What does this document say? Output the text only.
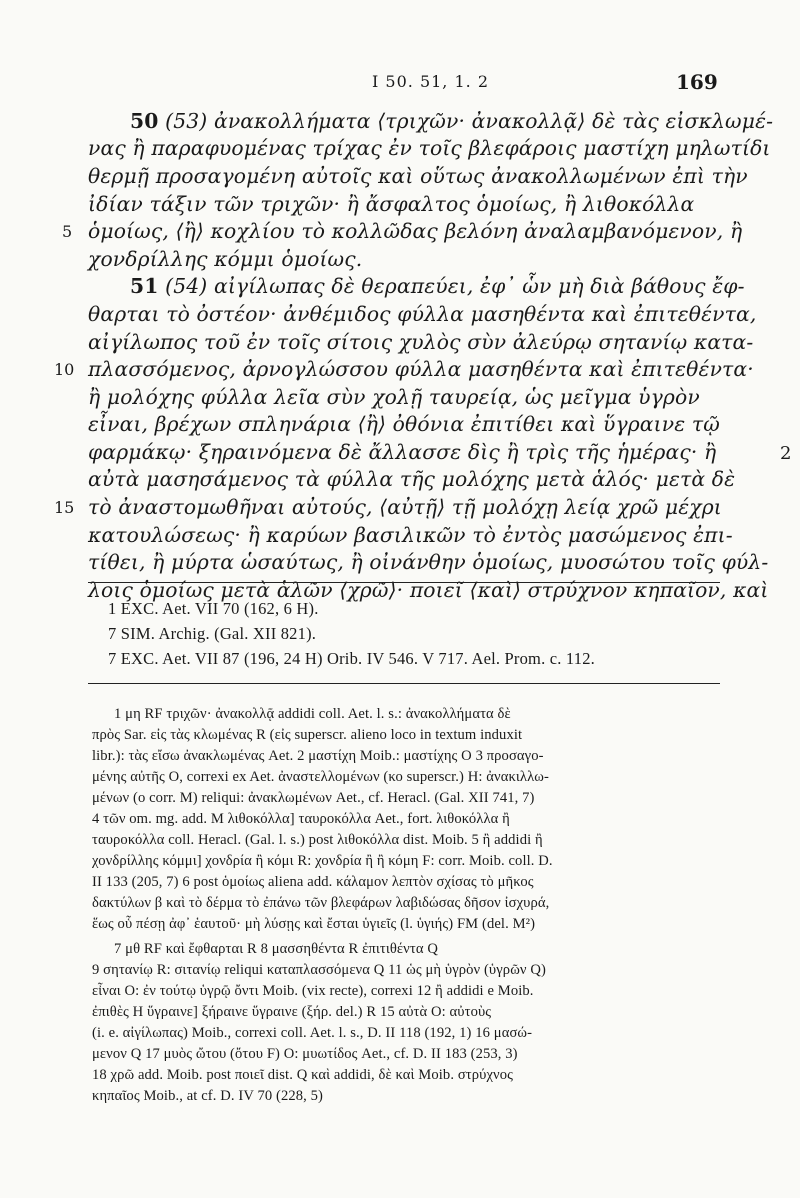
I 50. 51, 1. 2	169
50 (53) ἀνακολλήματα ⟨τριχῶν· ἀνακολλᾷ⟩ δὲ τὰς εἰσκλωμέ-
νας ἢ παραφυομένας τρίχας ἐν τοῖς βλεφάροις μαστίχη μηλωτίδι
θερμῇ προσαγομένη αὐτοῖς καὶ οὕτως ἀνακολλωμένων ἐπὶ τὴν
ἰδίαν τάξιν τῶν τριχῶν· ἢ ἄσφαλτος ὁμοίως, ἢ λιθοκόλλα
5 ὁμοίως, ⟨ἢ⟩ κοχλίου τὸ κολλῶδας βελόνη ἀναλαμβανόμενον, ἢ
χονδρίλλης κόμμι ὁμοίως.
51 (54) αἰγίλωπας δὲ θεραπεύει, ἐφ᾽ ὧν μὴ διὰ βάθους ἔφ-
θαρται τὸ ὀστέον· ἀνθέμιδος φύλλα μασηθέντα καὶ ἐπιτεθέντα,
αἰγίλωπος τοῦ ἐν τοῖς σίτοις χυλὸς σὺν ἀλεύρῳ σητανίῳ κατα-
10 πλασσόμενος, ἀρνογλώσσου φύλλα μασηθέντα καὶ ἐπιτεθέντα·
ἢ μολόχης φύλλα λεῖα σὺν χολῇ ταυρείᾳ, ὡς μεῖγμα ὑγρὸν
εἶναι, βρέχων σπληνάρια ⟨ἢ⟩ ὀθόνια ἐπιτίθει καὶ ὕγραινε τῷ
φαρμάκῳ· ξηραινόμενα δὲ ἄλλασσε δὶς ἢ τρὶς τῆς ἡμέρας· ἢ	2
αὐτὰ μασησάμενος τὰ φύλλα τῆς μολόχης μετὰ ἁλός· μετὰ δὲ
15 τὸ ἀναστομωθῆναι αὐτούς, ⟨αὐτῇ⟩ τῇ μολόχῃ λείᾳ χρῶ μέχρι
κατουλώσεως· ἢ καρύων βασιλικῶν τὸ ἐντὸς μασώμενος ἐπι-
τίθει, ἢ μύρτα ὡσαύτως, ἢ οἰνάνθην ὁμοίως, μυοσώτου τοῖς φύλ-
λοις ὁμοίως μετὰ ἁλῶν ⟨χρῶ⟩· ποιεῖ ⟨καὶ⟩ στρύχνον κηπαῖον, καὶ
1 EXC. Aet. VII 70 (162, 6 H).
7 SIM. Archig. (Gal. XII 821).
7 EXC. Aet. VII 87 (196, 24 H) Orib. IV 546. V 717. Ael. Prom. c. 112.
1 μη RF τριχῶν· ἀνακολλᾷ addidi coll. Aet. l. s.: ἀνακολλήματα δὲ
πρὸς Sar. εἰς τὰς κλωμένας R (εἰς superscr. alieno loco in textum induxit
libr.): τὰς εἴσω ἀνακλωμένας Aet. 2 μαστίχη Moib.: μαστίχης O 3 προσαγο-
μένης αὐτῆς O, correxi ex Aet. ἀναστελλομένων (κο superscr.) H: ἀνακιλλω-
μένων (ο corr. M) reliqui: ἀνακλωμένων Aet., cf. Heracl. (Gal. XII 741, 7)
4 τῶν om. mg. add. M λιθοκόλλα] ταυροκόλλα Aet., fort. λιθοκόλλα ἢ
ταυροκόλλα coll. Heracl. (Gal. l. s.) post λιθοκόλλα dist. Moib. 5 ἢ addidi ἢ
χονδρίλλης κόμμι] χονδρία ἢ κόμι R: χονδρία ἢ ἢ κόμη F: corr. Moib. coll. D.
II 133 (205, 7) 6 post ὁμοίως aliena add. κάλαμον λεπτὸν σχίσας τὸ μῆκος
δακτύλων β καὶ τὸ δέρμα τὸ ἐπάνω τῶν βλεφάρων λαβιδώσας δῆσον ἰσχυρά,
ἕως οὗ πέσῃ ἀφ᾽ ἑαυτοῦ· μὴ λύσῃς καὶ ἔσται ὑγιεῖς (l. ὑγιής) FM (del. M²)
7 μθ RF καὶ ἔφθαρται R 8 μασσηθέντα R ἐπιτιθέντα Q
9 σητανίῳ R: σιτανίῳ reliqui καταπλασσόμενα Q 11 ὡς μὴ ὑγρὸν (ὑγρῶν Q)
εἶναι O: ἐν τούτῳ ὑγρῷ ὄντι Moib. (vix recte), correxi 12 ἢ addidi e Moib.
ἐπιθὲς H ὕγραινε] ξήραινε ὕγραινε (ξήρ. del.) R 15 αὐτὰ O: αὐτοὺς
(i. e. αἰγίλωπας) Moib., correxi coll. Aet. l. s., D. II 118 (192, 1) 16 μασώ-
μενον Q 17 μυὸς ὤτου (ὄτου F) O: μυωτίδος Aet., cf. D. II 183 (253, 3)
18 χρῶ add. Moib. post ποιεῖ dist. Q καὶ addidi, δὲ καὶ Moib. στρύχνος
κηπαῖος Moib., at cf. D. IV 70 (228, 5)
